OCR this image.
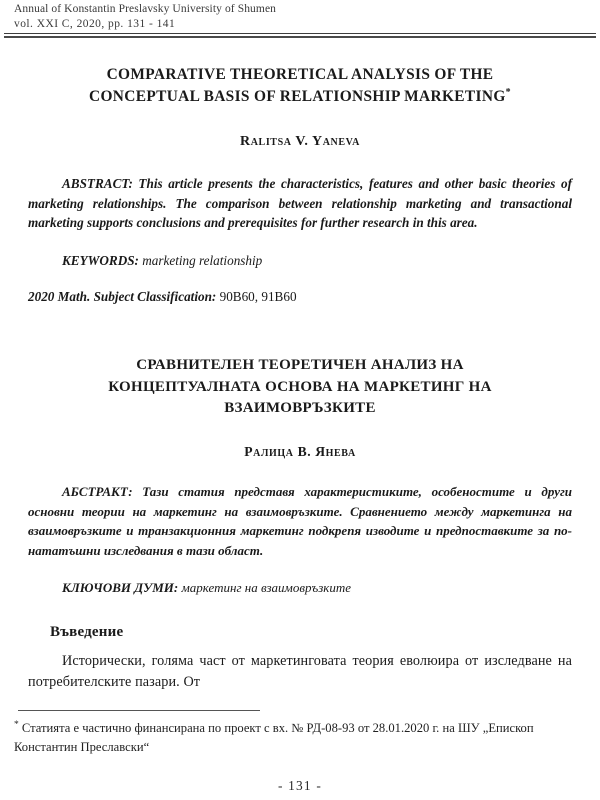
Annual of Konstantin Preslavsky University of Shumen
vol. XXI C, 2020, pp. 131 - 141
COMPARATIVE THEORETICAL ANALYSIS OF THE
CONCEPTUAL BASIS OF RELATIONSHIP MARKETING*
Ralitsa V. Yaneva
ABSTRACT: This article presents the characteristics, features and other basic theories of marketing relationships. The comparison between relationship marketing and transactional marketing supports conclusions and prerequisites for further research in this area.
KEYWORDS: marketing relationship
2020 Math. Subject Classification: 90B60, 91B60
СРАВНИТЕЛЕН ТЕОРЕТИЧЕН АНАЛИЗ НА
КОНЦЕПТУАЛНАТА ОСНОВА НА МАРКЕТИНГ НА
ВЗАИМОВРЪЗКИТЕ
Ралица В. Янева
АБСТРАКТ: Тази статия представя характеристиките, особеностите и други основни теории на маркетинг на взаимовръзките. Сравнението между маркетинга на взаимовръзките и транзакционния маркетинг подкрепя изводите и предпоставките за по-нататъшни изследвания в тази област.
КЛЮЧОВИ ДУМИ: маркетинг на взаимовръзките
Въведение
Исторически, голяма част от маркетинговата теория еволюира от изследване на потребителските пазари. От
* Статията е частично финансирана по проект с вх. № РД-08-93 от 28.01.2020 г. на ШУ „Епископ Константин Преславски“
- 131 -
